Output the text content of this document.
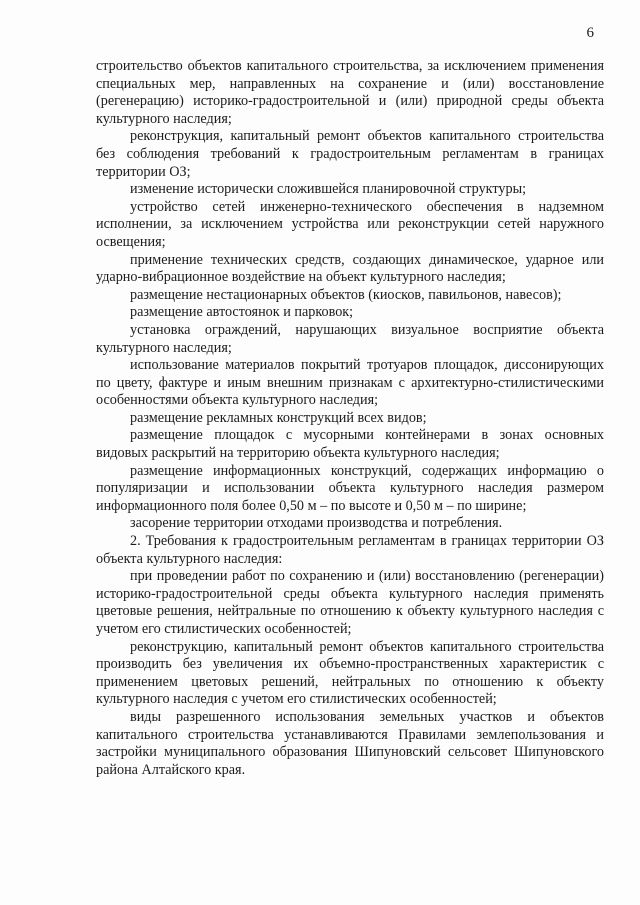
6

строительство объектов капитального строительства, за исключением применения специальных мер, направленных на сохранение и (или) восстановление (регенерацию) историко-градостроительной и (или) природной среды объекта культурного наследия;

реконструкция, капитальный ремонт объектов капитального строительства без соблюдения требований к градостроительным регламентам в границах территории ОЗ;

изменение исторически сложившейся планировочной структуры;

устройство сетей инженерно-технического обеспечения в надземном исполнении, за исключением устройства или реконструкции сетей наружного освещения;

применение технических средств, создающих динамическое, ударное или ударно-вибрационное воздействие на объект культурного наследия;

размещение нестационарных объектов (киосков, павильонов, навесов);

размещение автостоянок и парковок;

установка ограждений, нарушающих визуальное восприятие объекта культурного наследия;

использование материалов покрытий тротуаров площадок, диссонирующих по цвету, фактуре и иным внешним признакам с архитектурно-стилистическими особенностями объекта культурного наследия;

размещение рекламных конструкций всех видов;

размещение площадок с мусорными контейнерами в зонах основных видовых раскрытий на территорию объекта культурного наследия;

размещение информационных конструкций, содержащих информацию о популяризации и использовании объекта культурного наследия размером информационного поля более 0,50 м – по высоте и 0,50 м – по ширине;

засорение территории отходами производства и потребления.

2. Требования к градостроительным регламентам в границах территории ОЗ объекта культурного наследия:

при проведении работ по сохранению и (или) восстановлению (регенерации) историко-градостроительной среды объекта культурного наследия применять цветовые решения, нейтральные по отношению к объекту культурного наследия с учетом его стилистических особенностей;

реконструкцию, капитальный ремонт объектов капитального строительства производить без увеличения их объемно-пространственных характеристик с применением цветовых решений, нейтральных по отношению к объекту культурного наследия с учетом его стилистических особенностей;

виды разрешенного использования земельных участков и объектов капитального строительства устанавливаются Правилами землепользования и застройки муниципального образования Шипуновский сельсовет Шипуновского района Алтайского края.
